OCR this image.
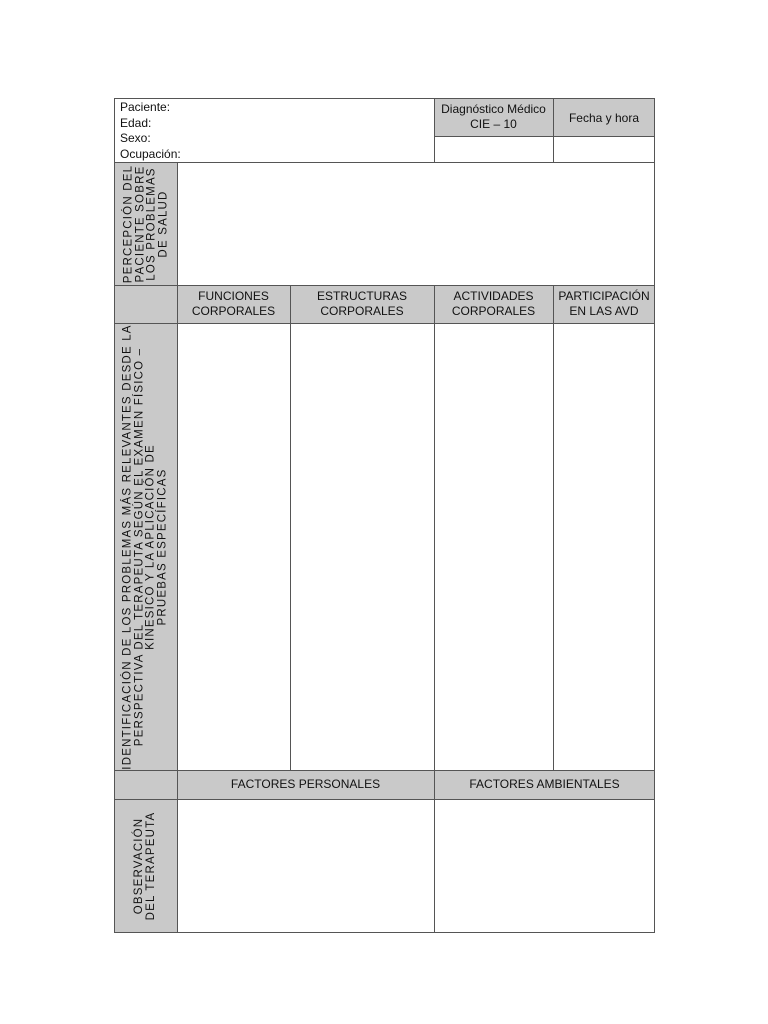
Paciente:
Edad:
Sexo:
Ocupación:
Diagnóstico Médico
CIE – 10	Fecha y hora
PERCEPCIÓN DEL PACIENTE SOBRE LOS PROBLEMAS DE SALUD
FUNCIONES
CORPORALES
ESTRUCTURAS
CORPORALES
ACTIVIDADES
CORPORALES
PARTICIPACIÓN
EN LAS AVD
IDENTIFICACIÓN DE LOS PROBLEMAS MÁS RELEVANTES DESDE LA PERSPECTIVA DEL TERAPEUTA SEGÚN EL EXAMEN FÍSICO – KINESICO Y LA APLICACIÓN DE PRUEBAS ESPECÍFICAS
FACTORES PERSONALES	FACTORES AMBIENTALES
OBSERVACIÓN DEL TERAPEUTA
